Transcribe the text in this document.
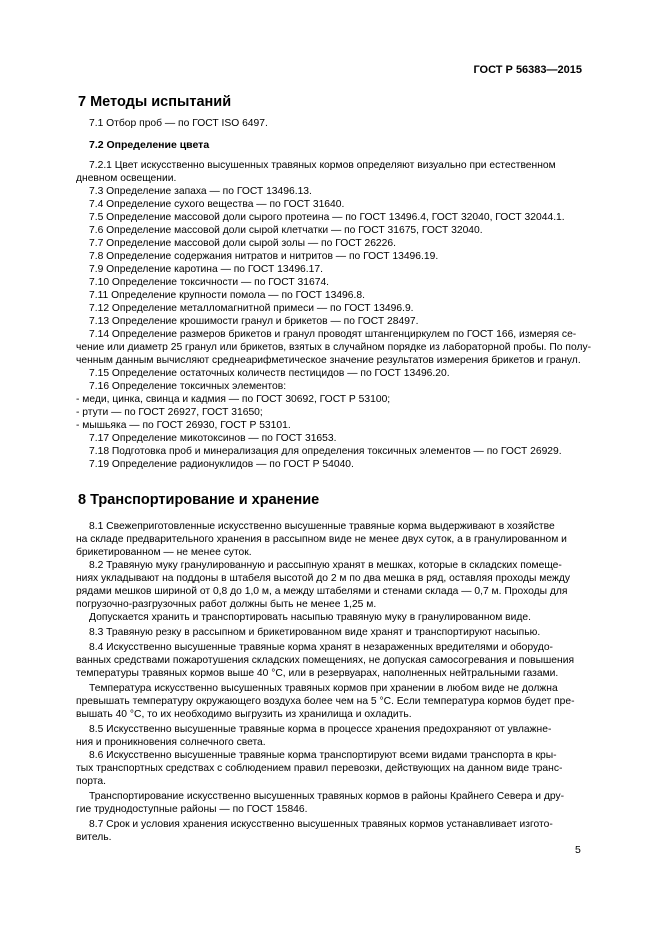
ГОСТ Р 56383—2015
7 Методы испытаний
7.1 Отбор проб — по ГОСТ ISO 6497.
7.2 Определение цвета
7.2.1 Цвет искусственно высушенных травяных кормов определяют визуально при естественном
дневном освещении.
7.3 Определение запаха — по ГОСТ 13496.13.
7.4 Определение сухого вещества — по ГОСТ 31640.
7.5 Определение массовой доли сырого протеина — по ГОСТ 13496.4, ГОСТ 32040, ГОСТ 32044.1.
7.6 Определение массовой доли сырой клетчатки — по ГОСТ 31675, ГОСТ 32040.
7.7 Определение массовой доли сырой золы — по ГОСТ 26226.
7.8 Определение содержания нитратов и нитритов — по ГОСТ 13496.19.
7.9 Определение каротина — по ГОСТ 13496.17.
7.10 Определение токсичности — по ГОСТ 31674.
7.11 Определение крупности помола — по ГОСТ 13496.8.
7.12 Определение металломагнитной примеси — по ГОСТ 13496.9.
7.13 Определение крошимости гранул и брикетов — по ГОСТ 28497.
7.14 Определение размеров брикетов и гранул проводят штангенциркулем по ГОСТ 166, измеряя се-
чение или диаметр 25 гранул или брикетов, взятых в случайном порядке из лабораторной пробы. По полу-
ченным данным вычисляют среднеарифметическое значение результатов измерения брикетов и гранул.
7.15 Определение остаточных количеств пестицидов — по ГОСТ 13496.20.
7.16 Определение токсичных элементов:
- меди, цинка, свинца и кадмия — по ГОСТ 30692, ГОСТ Р 53100;
- ртути — по ГОСТ 26927, ГОСТ 31650;
- мышьяка — по ГОСТ 26930, ГОСТ Р 53101.
7.17 Определение микотоксинов — по ГОСТ 31653.
7.18 Подготовка проб и минерализация для определения токсичных элементов — по ГОСТ 26929.
7.19 Определение радионуклидов — по ГОСТ Р 54040.
8 Транспортирование и хранение
8.1 Свежеприготовленные искусственно высушенные травяные корма выдерживают в хозяйстве
на складе предварительного хранения в рассыпном виде не менее двух суток, а в гранулированном и
брикетированном — не менее суток.
8.2 Травяную муку гранулированную и рассыпную хранят в мешках, которые в складских помеще-
ниях укладывают на поддоны в штабеля высотой до 2 м по два мешка в ряд, оставляя проходы между
рядами мешков шириной от 0,8 до 1,0 м, а между штабелями и стенами склада — 0,7 м. Проходы для
погрузочно-разгрузочных работ должны быть не менее 1,25 м.
Допускается хранить и транспортировать насыпью травяную муку в гранулированном виде.
8.3 Травяную резку в рассыпном и брикетированном виде хранят и транспортируют насыпью.
8.4 Искусственно высушенные травяные корма хранят в незараженных вредителями и оборудо-
ванных средствами пожаротушения складских помещениях, не допуская самосогревания и повышения
температуры травяных кормов выше 40 °С, или в резервуарах, наполненных нейтральными газами.
Температура искусственно высушенных травяных кормов при хранении в любом виде не должна
превышать температуру окружающего воздуха более чем на 5 °С. Если температура кормов будет пре-
вышать 40 °С, то их необходимо выгрузить из хранилища и охладить.
8.5 Искусственно высушенные травяные корма в процессе хранения предохраняют от увлажне-
ния и проникновения солнечного света.
8.6 Искусственно высушенные травяные корма транспортируют всеми видами транспорта в кры-
тых транспортных средствах с соблюдением правил перевозки, действующих на данном виде транс-
порта.
Транспортирование искусственно высушенных травяных кормов в районы Крайнего Севера и дру-
гие труднодоступные районы — по ГОСТ 15846.
8.7 Срок и условия хранения искусственно высушенных травяных кормов устанавливает изгото-
витель.
5
